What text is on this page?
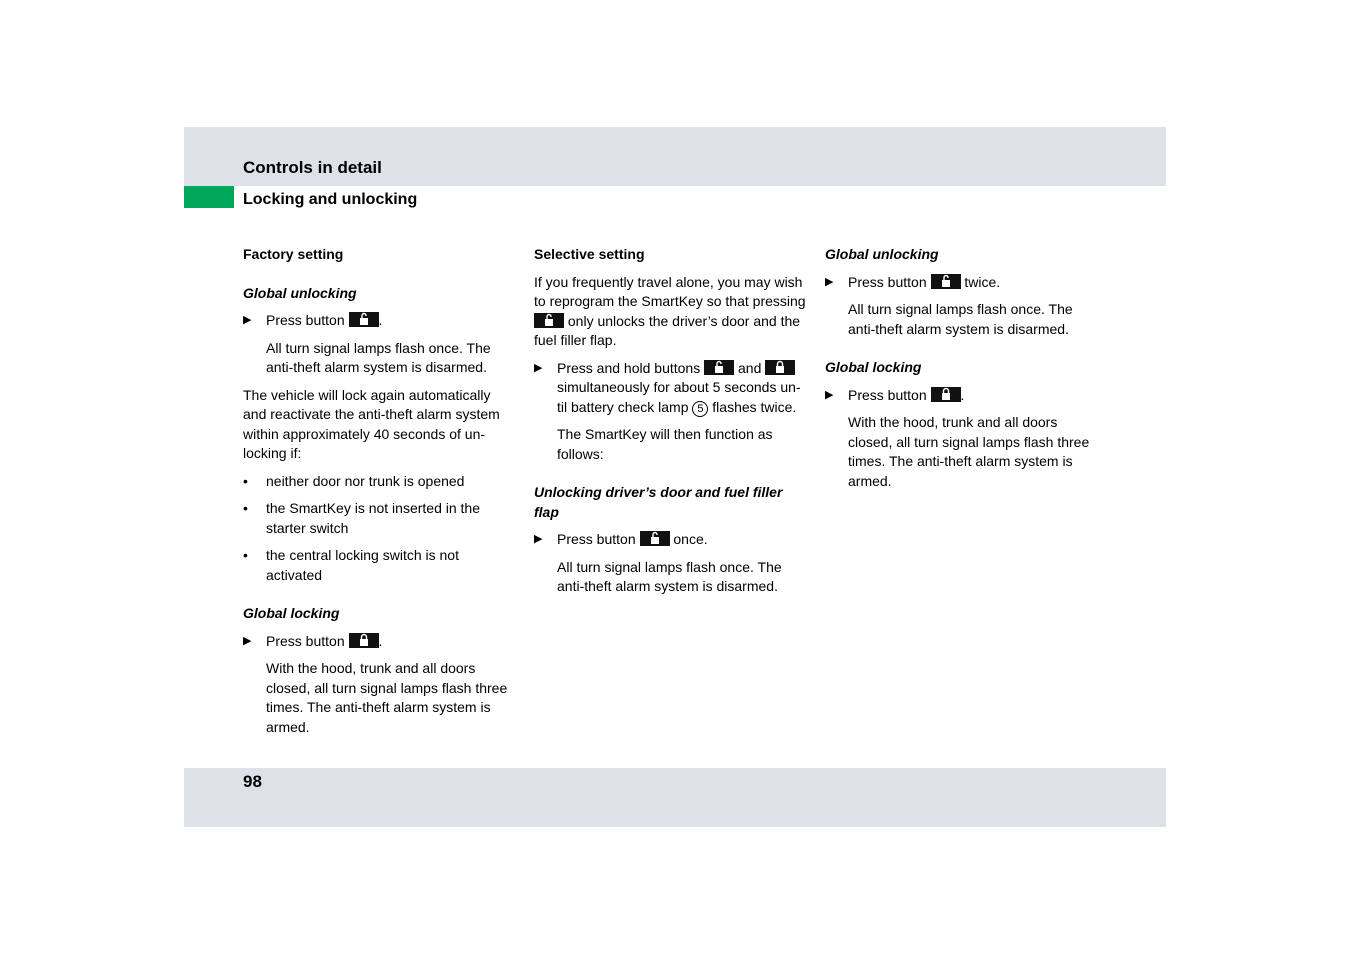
Controls in detail
Locking and unlocking
Factory setting
Global unlocking
▶ Press button .

All turn signal lamps flash once. The anti-theft alarm system is disarmed.

The vehicle will lock again automatically and reactivate the anti-theft alarm system within approximately 40 seconds of un-locking if:

• neither door nor trunk is opened
• the SmartKey is not inserted in the starter switch
• the central locking switch is not activated
Global locking
▶ Press button .

With the hood, trunk and all doors closed, all turn signal lamps flash three times. The anti-theft alarm system is armed.

Selective setting

If you frequently travel alone, you may wish to reprogram the SmartKey so that pressing
only unlocks the driver’s door and the fuel filler flap.

▶ Press and hold buttons	and
simultaneously for about 5 seconds un-til battery check lamp 5 flashes twice.

The SmartKey will then function as follows:

Unlocking driver’s door and fuel filler flap
▶ Press button	once.

All turn signal lamps flash once. The anti-theft alarm system is disarmed.

Global unlocking
▶ Press button	twice.

All turn signal lamps flash once. The anti-theft alarm system is disarmed.

Global locking
▶ Press button .

With the hood, trunk and all doors closed, all turn signal lamps flash three times. The anti-theft alarm system is armed.

98
